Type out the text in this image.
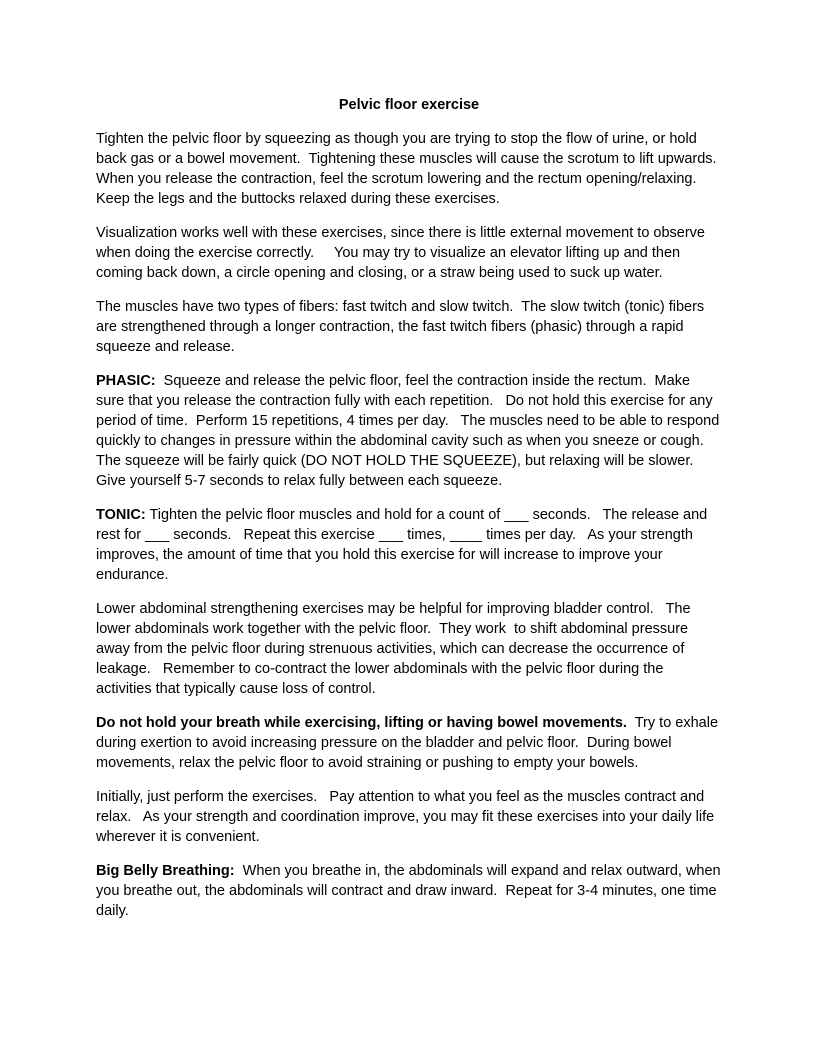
Pelvic floor exercise

Tighten the pelvic floor by squeezing as though you are trying to stop the flow of urine, or hold back gas or a bowel movement.  Tightening these muscles will cause the scrotum to lift upwards.   When you release the contraction, feel the scrotum lowering and the rectum opening/relaxing.   Keep the legs and the buttocks relaxed during these exercises.

Visualization works well with these exercises, since there is little external movement to observe when doing the exercise correctly.     You may try to visualize an elevator lifting up and then coming back down, a circle opening and closing, or a straw being used to suck up water.

The muscles have two types of fibers: fast twitch and slow twitch.  The slow twitch (tonic) fibers are strengthened through a longer contraction, the fast twitch fibers (phasic) through a rapid squeeze and release.

PHASIC:  Squeeze and release the pelvic floor, feel the contraction inside the rectum.  Make sure that you release the contraction fully with each repetition.   Do not hold this exercise for any period of time.  Perform 15 repetitions, 4 times per day.   The muscles need to be able to respond quickly to changes in pressure within the abdominal cavity such as when you sneeze or cough.  The squeeze will be fairly quick (DO NOT HOLD THE SQUEEZE), but relaxing will be slower.  Give yourself 5-7 seconds to relax fully between each squeeze.

TONIC: Tighten the pelvic floor muscles and hold for a count of ___ seconds.   The release and rest for ___ seconds.   Repeat this exercise ___ times, ____ times per day.   As your strength improves, the amount of time that you hold this exercise for will increase to improve your endurance.

Lower abdominal strengthening exercises may be helpful for improving bladder control.   The lower abdominals work together with the pelvic floor.  They work  to shift abdominal pressure away from the pelvic floor during strenuous activities, which can decrease the occurrence of leakage.   Remember to co-contract the lower abdominals with the pelvic floor during the activities that typically cause loss of control.

Do not hold your breath while exercising, lifting or having bowel movements.  Try to exhale during exertion to avoid increasing pressure on the bladder and pelvic floor.  During bowel movements, relax the pelvic floor to avoid straining or pushing to empty your bowels.

Initially, just perform the exercises.   Pay attention to what you feel as the muscles contract and relax.   As your strength and coordination improve, you may fit these exercises into your daily life wherever it is convenient.

Big Belly Breathing:  When you breathe in, the abdominals will expand and relax outward, when you breathe out, the abdominals will contract and draw inward.  Repeat for 3-4 minutes, one time daily.
